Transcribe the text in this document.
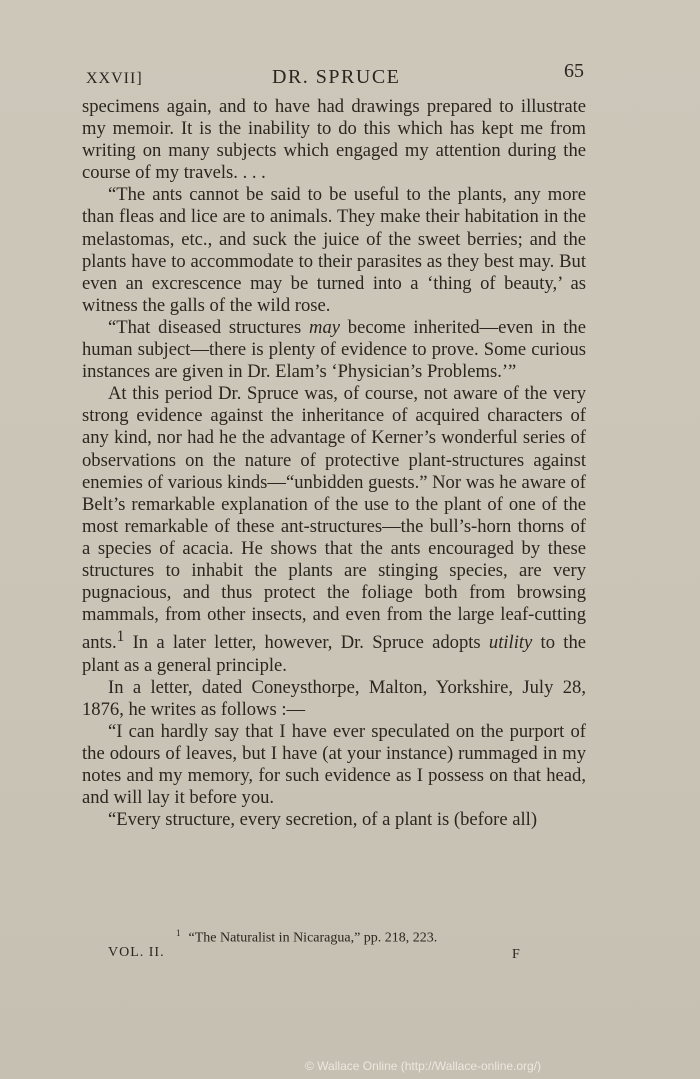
XXVII]	DR. SPRUCE	65

specimens again, and to have had drawings prepared to illustrate my memoir. It is the inability to do this which has kept me from writing on many subjects which engaged my attention during the course of my travels. . . .

“The ants cannot be said to be useful to the plants, any more than fleas and lice are to animals. They make their habitation in the melastomas, etc., and suck the juice of the sweet berries; and the plants have to accommodate to their parasites as they best may. But even an excrescence may be turned into a ‘thing of beauty,’ as witness the galls of the wild rose.

“That diseased structures may become inherited—even in the human subject—there is plenty of evidence to prove. Some curious instances are given in Dr. Elam’s ‘Physician’s Problems.’”

At this period Dr. Spruce was, of course, not aware of the very strong evidence against the inheritance of acquired characters of any kind, nor had he the advantage of Kerner’s wonderful series of observations on the nature of protective plant-structures against enemies of various kinds—“unbidden guests.” Nor was he aware of Belt’s remarkable explanation of the use to the plant of one of the most remarkable of these ant-structures—the bull’s-horn thorns of a species of acacia. He shows that the ants encouraged by these structures to inhabit the plants are stinging species, are very pugnacious, and thus protect the foliage both from browsing mammals, from other insects, and even from the large leaf-cutting ants.$^1$ In a later letter, however, Dr. Spruce adopts utility to the plant as a general principle.

In a letter, dated Coneysthorpe, Malton, Yorkshire, July 28, 1876, he writes as follows :—

“I can hardly say that I have ever speculated on the purport of the odours of leaves, but I have (at your instance) rummaged in my notes and my memory, for such evidence as I possess on that head, and will lay it before you.

“Every structure, every secretion, of a plant is (before all)

$^1$ “The Naturalist in Nicaragua,” pp. 218, 223.
VOL. II.	F
© Wallace Online (http://Wallace-online.org/)
